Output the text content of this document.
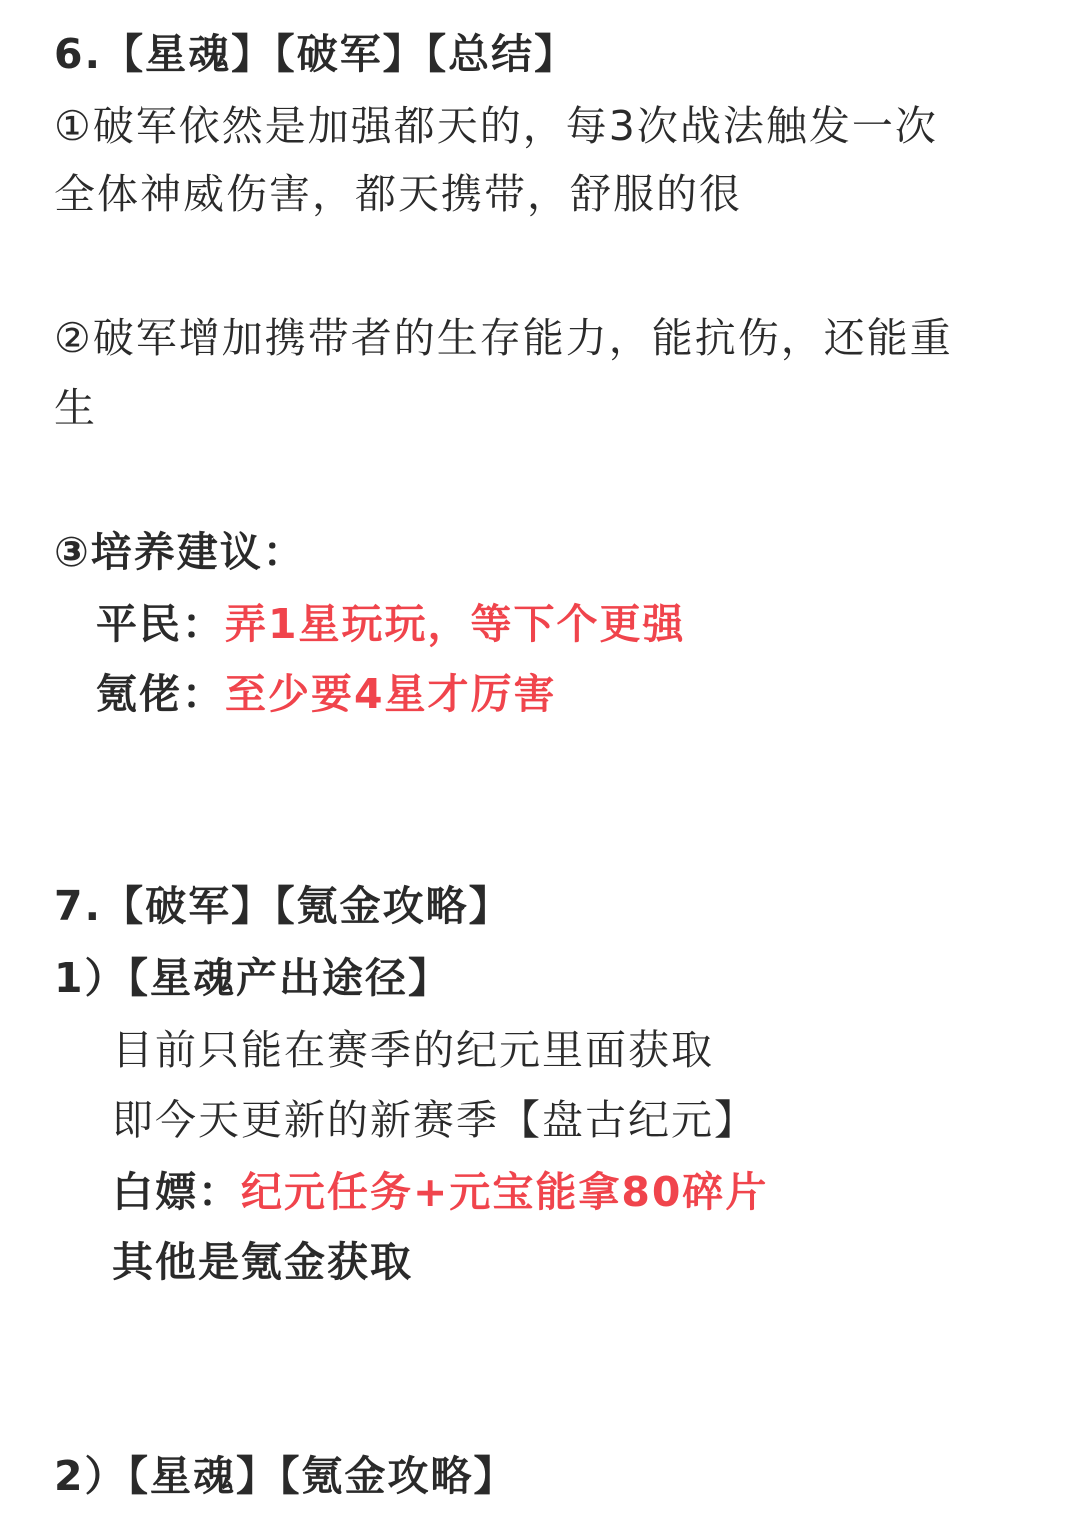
6.【星魂】【破军】【总结】
①破军依然是加强都天的，每3次战法触发一次
全体神威伤害，都天携带，舒服的很
②破军增加携带者的生存能力，能抗伤，还能重
生
③培养建议：
平民：弄1星玩玩，等下个更强
氪佬：至少要4星才厉害
7.【破军】【氪金攻略】
1）【星魂产出途径】
目前只能在赛季的纪元里面获取
即今天更新的新赛季【盘古纪元】
白嫖：纪元任务+元宝能拿80碎片
其他是氪金获取
2）【星魂】【氪金攻略】
